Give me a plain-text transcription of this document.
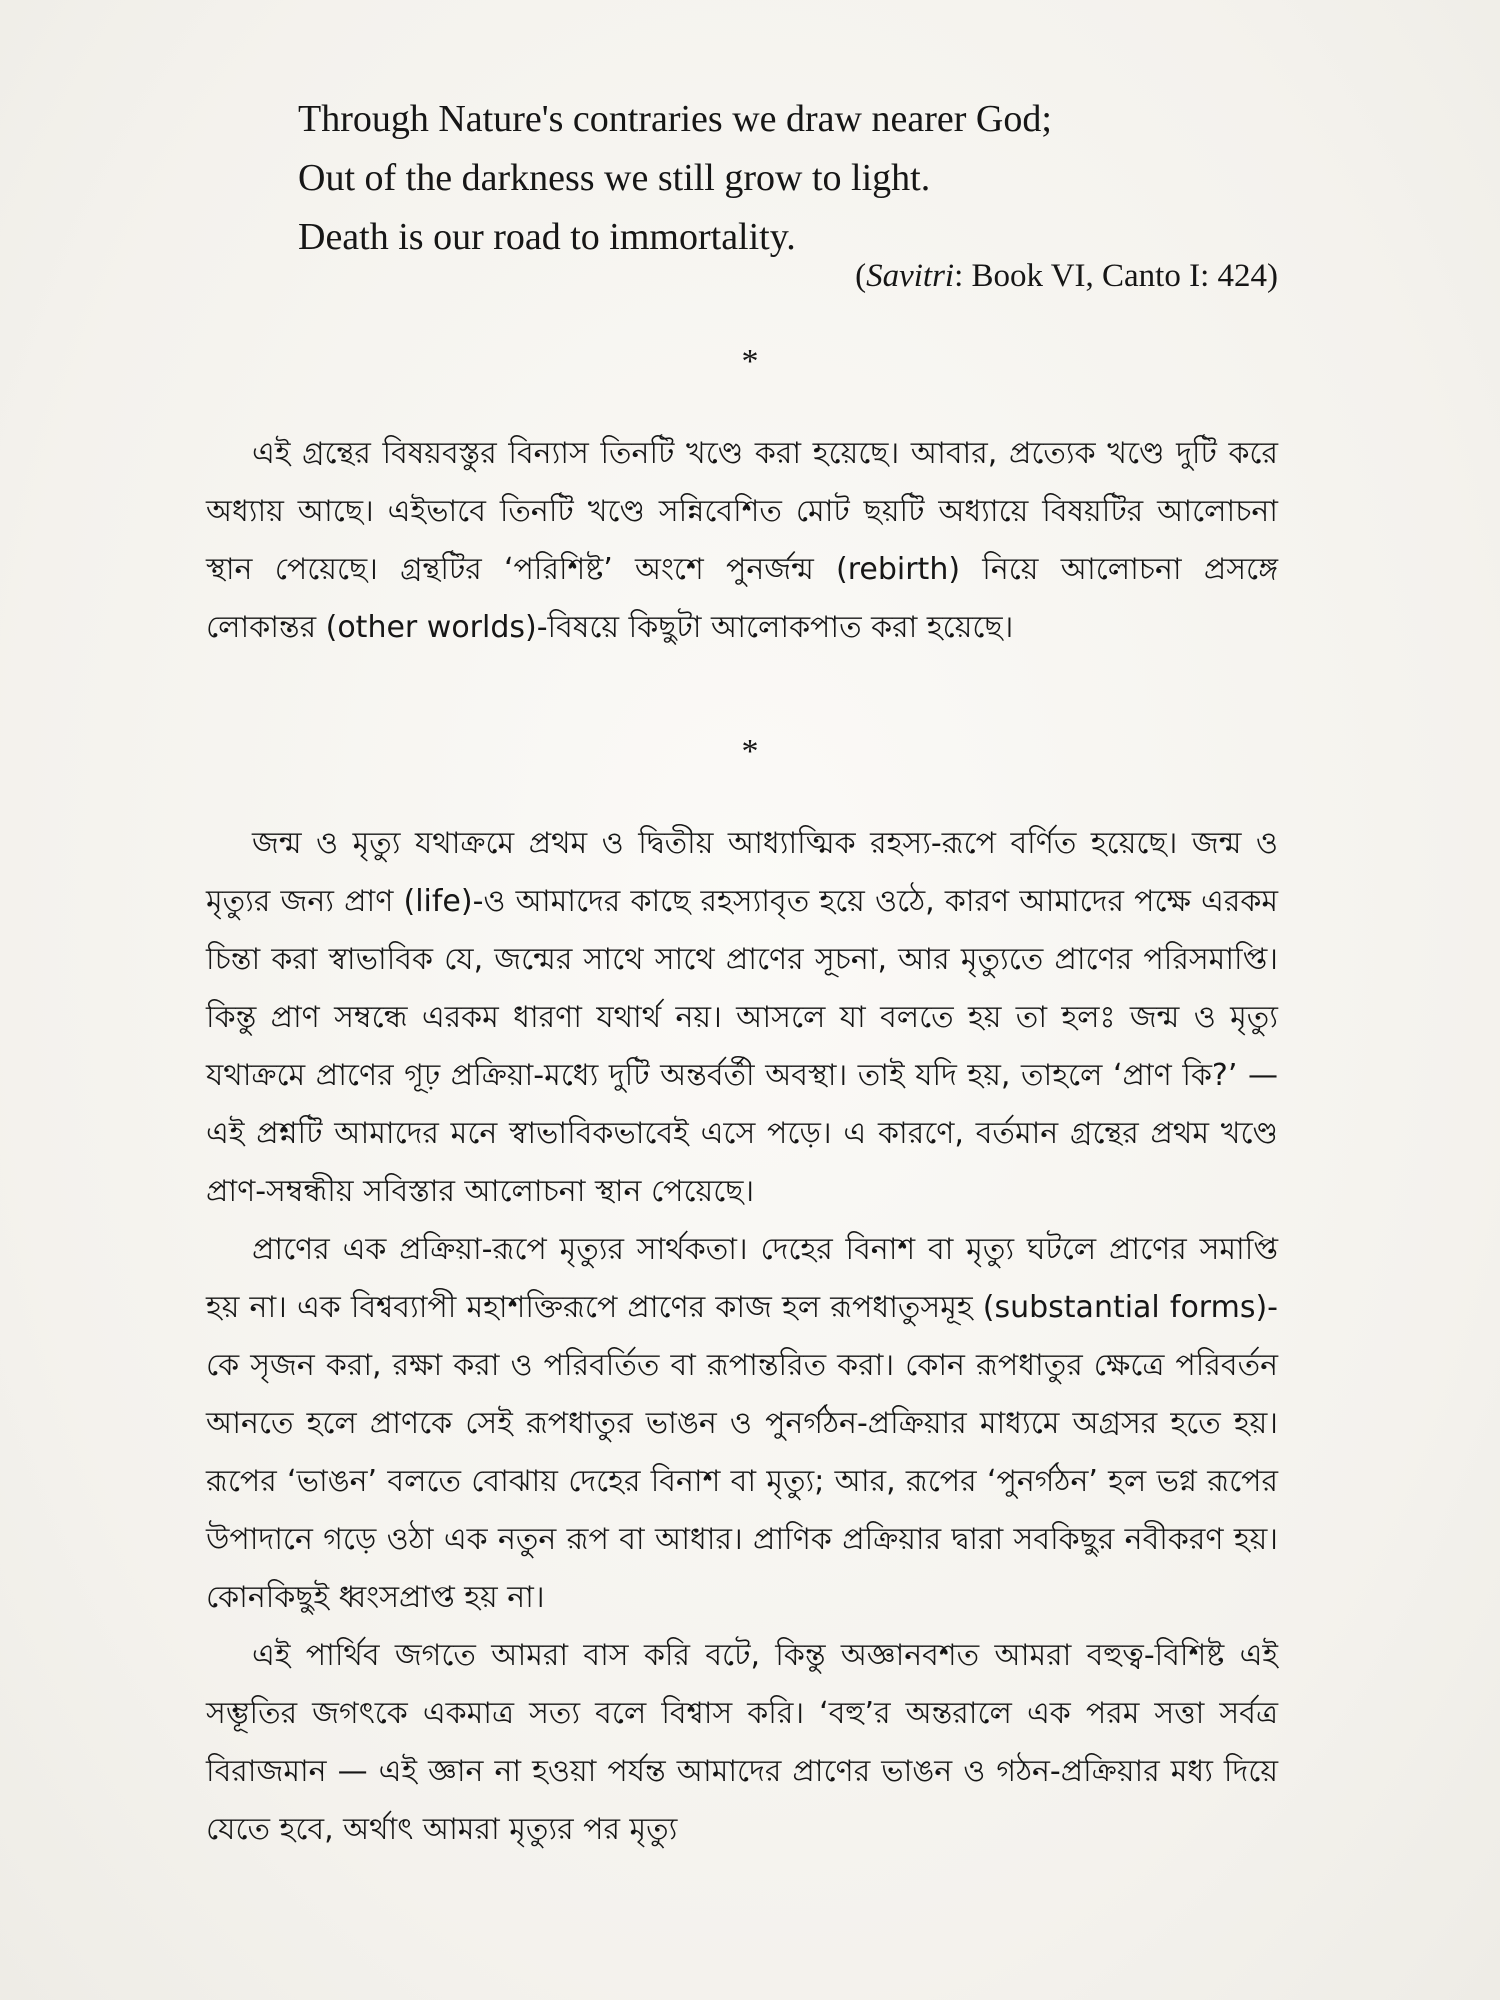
Through Nature's contraries we draw nearer God;
Out of the darkness we still grow to light.
Death is our road to immortality.
(Savitri: Book VI, Canto I: 424)
*

এই গ্রন্থের বিষয়বস্তুর বিন্যাস তিনটি খণ্ডে করা হয়েছে। আবার, প্রত্যেক খণ্ডে দুটি করে অধ্যায় আছে। এইভাবে তিনটি খণ্ডে সন্নিবেশিত মোট ছয়টি অধ্যায়ে বিষয়টির আলোচনা স্থান পেয়েছে। গ্রন্থটির ‘পরিশিষ্ট’ অংশে পুনর্জন্ম (rebirth) নিয়ে আলোচনা প্রসঙ্গে লোকান্তর (other worlds)-বিষয়ে কিছুটা আলোকপাত করা হয়েছে।

*

জন্ম ও মৃত্যু যথাক্রমে প্রথম ও দ্বিতীয় আধ্যাত্মিক রহস্য-রূপে বর্ণিত হয়েছে। জন্ম ও মৃত্যুর জন্য প্রাণ (life)-ও আমাদের কাছে রহস্যাবৃত হয়ে ওঠে, কারণ আমাদের পক্ষে এরকম চিন্তা করা স্বাভাবিক যে, জন্মের সাথে সাথে প্রাণের সূচনা, আর মৃত্যুতে প্রাণের পরিসমাপ্তি। কিন্তু প্রাণ সম্বন্ধে এরকম ধারণা যথার্থ নয়। আসলে যা বলতে হয় তা হলঃ জন্ম ও মৃত্যু যথাক্রমে প্রাণের গূঢ় প্রক্রিয়া-মধ্যে দুটি অন্তর্বর্তী অবস্থা। তাই যদি হয়, তাহলে ‘প্রাণ কি?’ — এই প্রশ্নটি আমাদের মনে স্বাভাবিকভাবেই এসে পড়ে। এ কারণে, বর্তমান গ্রন্থের প্রথম খণ্ডে প্রাণ-সম্বন্ধীয় সবিস্তার আলোচনা স্থান পেয়েছে।

প্রাণের এক প্রক্রিয়া-রূপে মৃত্যুর সার্থকতা। দেহের বিনাশ বা মৃত্যু ঘটলে প্রাণের সমাপ্তি হয় না। এক বিশ্বব্যাপী মহাশক্তিরূপে প্রাণের কাজ হল রূপধাতুসমূহ (substantial forms)-কে সৃজন করা, রক্ষা করা ও পরিবর্তিত বা রূপান্তরিত করা। কোন রূপধাতুর ক্ষেত্রে পরিবর্তন আনতে হলে প্রাণকে সেই রূপধাতুর ভাঙন ও পুনর্গঠন-প্রক্রিয়ার মাধ্যমে অগ্রসর হতে হয়। রূপের ‘ভাঙন’ বলতে বোঝায় দেহের বিনাশ বা মৃত্যু; আর, রূপের ‘পুনর্গঠন’ হল ভগ্ন রূপের উপাদানে গড়ে ওঠা এক নতুন রূপ বা আধার। প্রাণিক প্রক্রিয়ার দ্বারা সবকিছুর নবীকরণ হয়। কোনকিছুই ধ্বংসপ্রাপ্ত হয় না।

এই পার্থিব জগতে আমরা বাস করি বটে, কিন্তু অজ্ঞানবশত আমরা বহুত্ব-বিশিষ্ট এই সম্ভূতির জগৎকে একমাত্র সত্য বলে বিশ্বাস করি। ‘বহু’র অন্তরালে এক পরম সত্তা সর্বত্র বিরাজমান — এই জ্ঞান না হওয়া পর্যন্ত আমাদের প্রাণের ভাঙন ও গঠন-প্রক্রিয়ার মধ্য দিয়ে যেতে হবে, অর্থাৎ আমরা মৃত্যুর পর মৃত্যু
